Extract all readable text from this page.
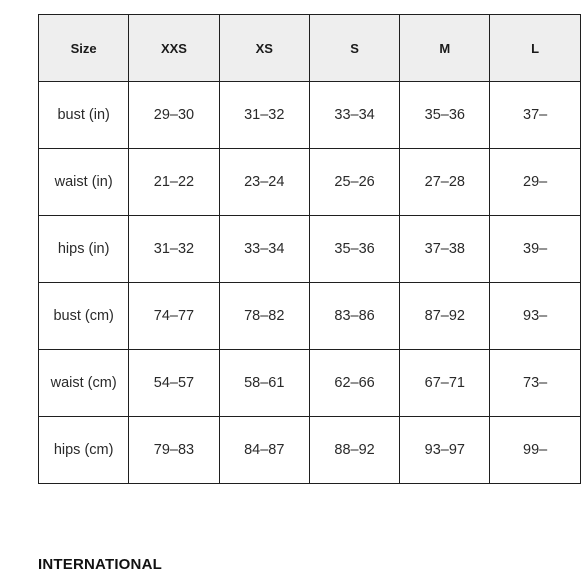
Size	XXS	XS	S	M	L
bust (in)	29–30	31–32	33–34	35–36	37–
waist (in)	21–22	23–24	25–26	27–28	29–
hips (in)	31–32	33–34	35–36	37–38	39–
bust (cm)	74–77	78–82	83–86	87–92	93–
waist (cm)	54–57	58–61	62–66	67–71	73–
hips (cm)	79–83	84–87	88–92	93–97	99–
INTERNATIONAL
